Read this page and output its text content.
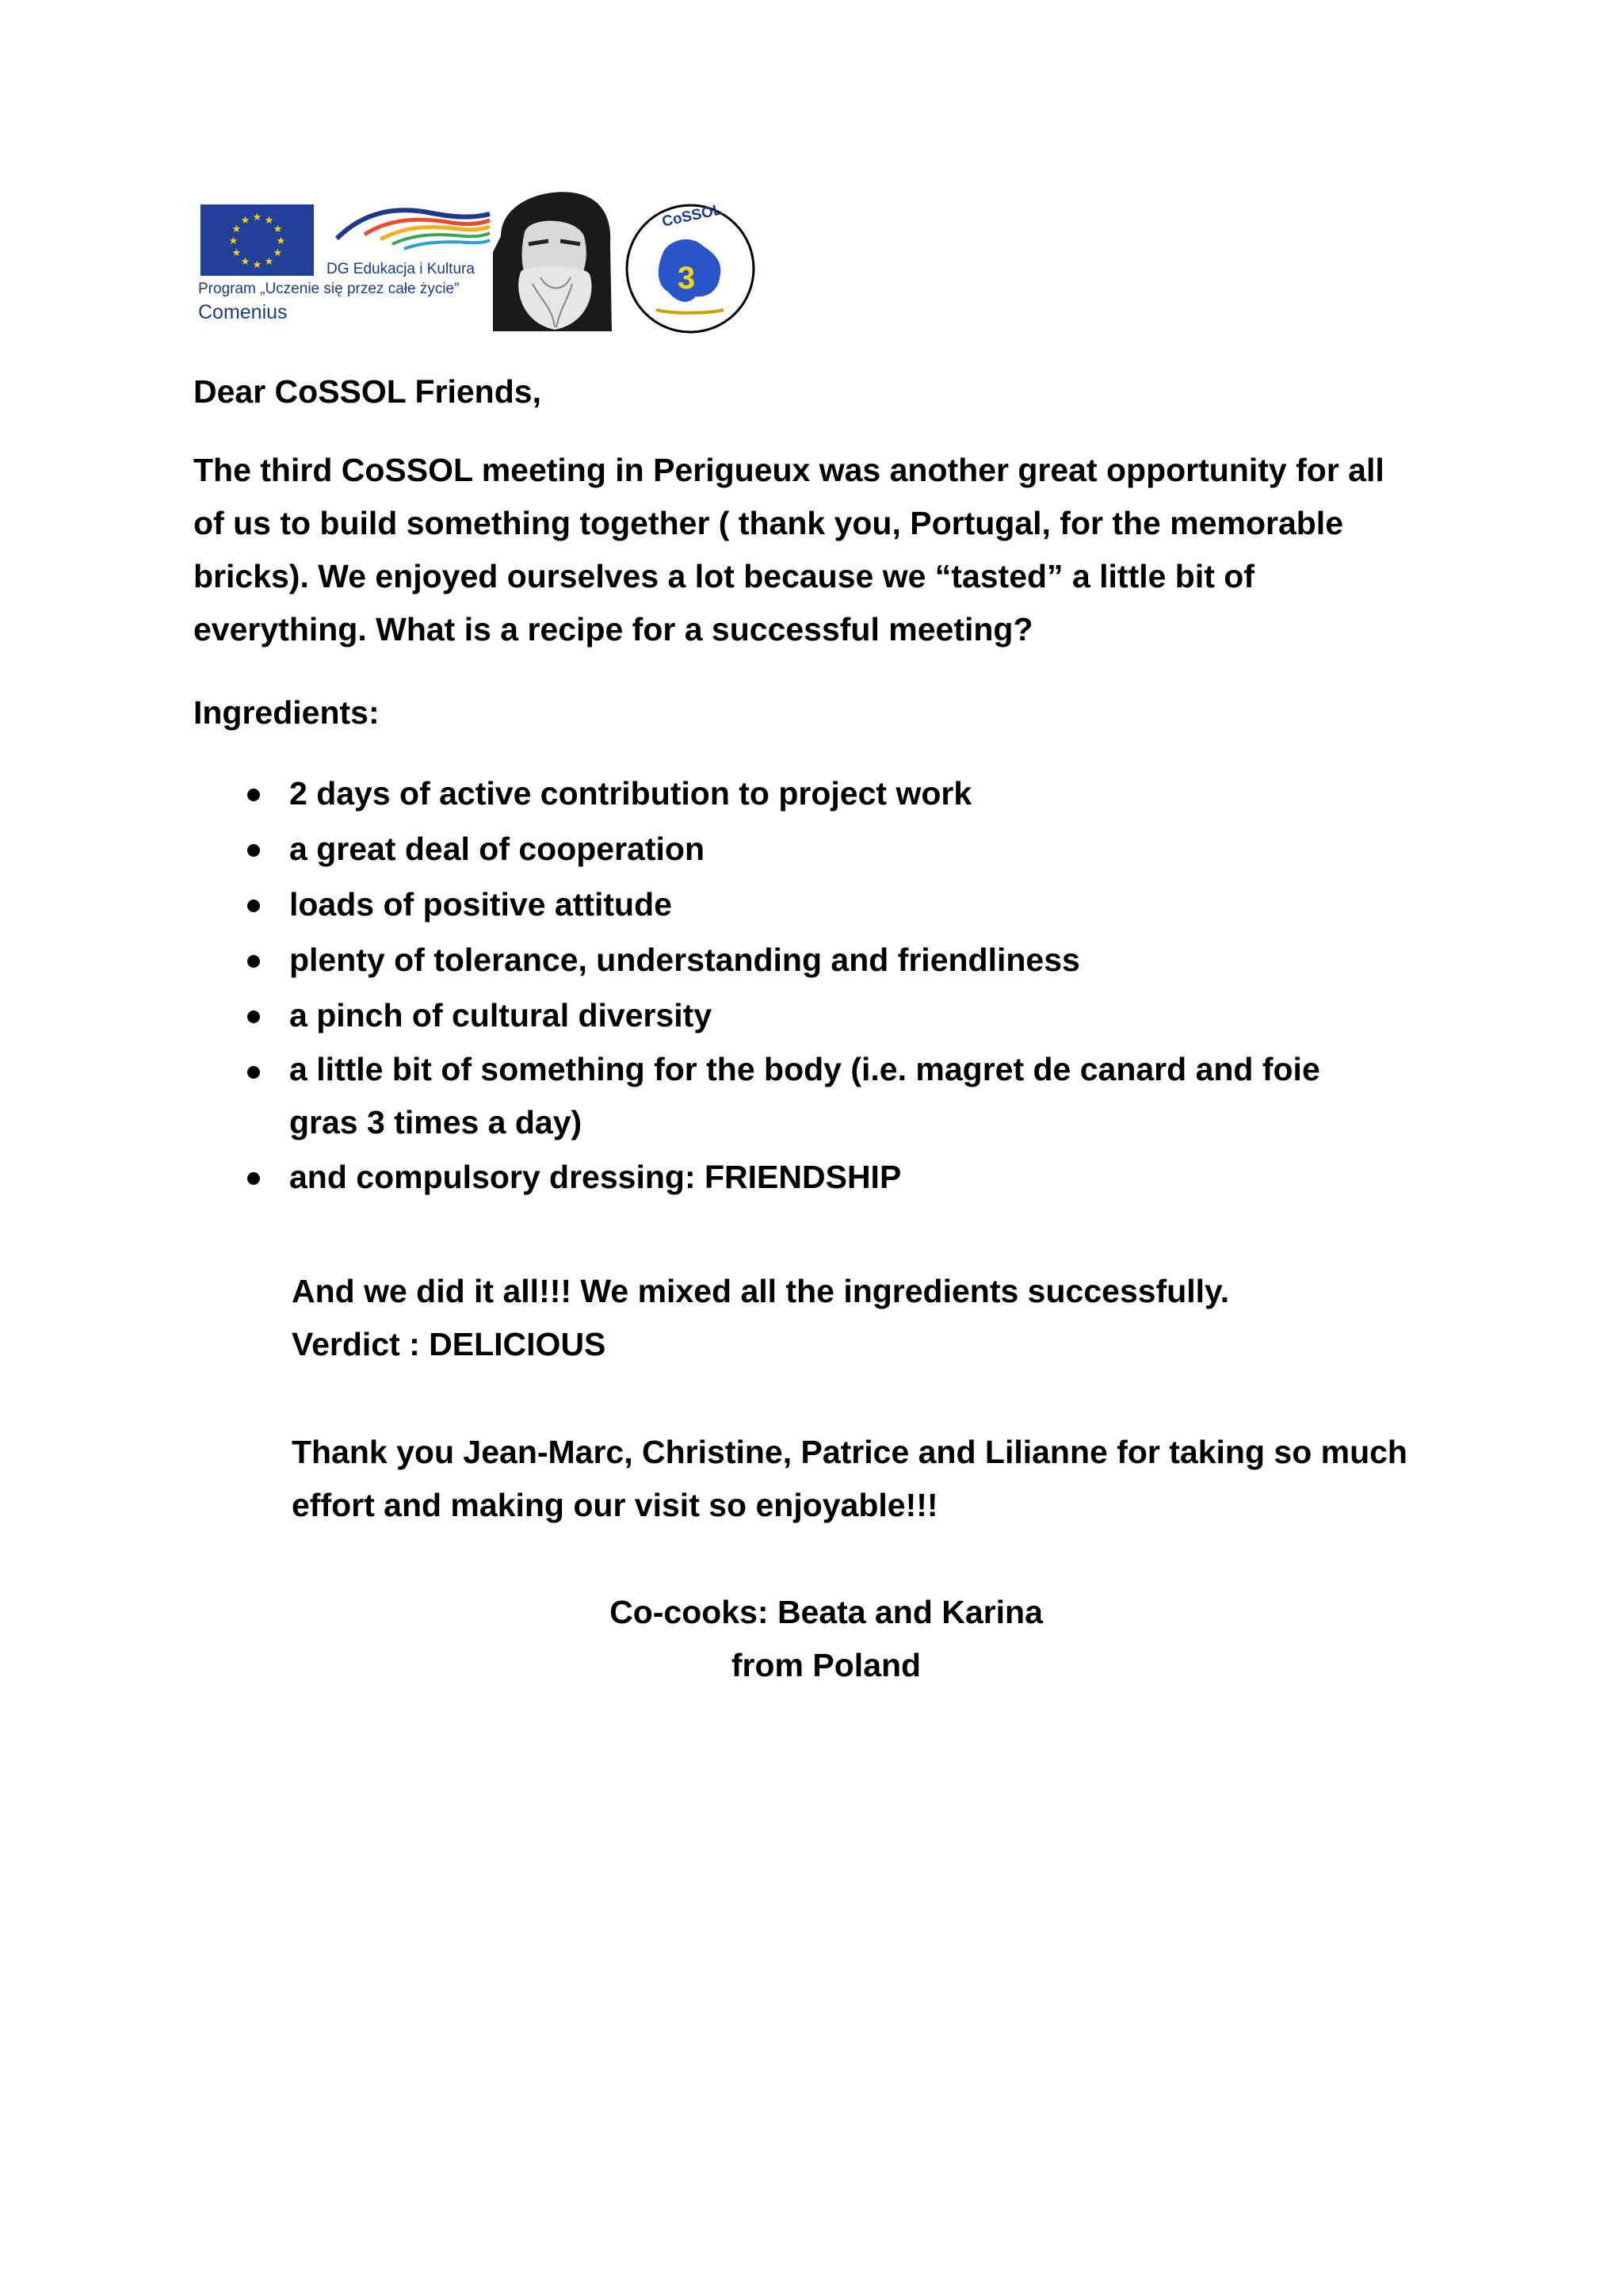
★ ★
★
★
★
★
★
★
★
★
★
★
DG Edukacja i Kultura
Program „Uczenie się przez całe życie”
Comenius
3
CoSSOL
Dear CoSSOL Friends,
The third CoSSOL meeting in Perigueux was another great opportunity for all
of us to build something together ( thank you, Portugal, for the memorable
bricks). We enjoyed ourselves a lot because we “tasted” a little bit of
everything. What is a recipe for a successful meeting?
Ingredients:
2 days of active contribution to project work
a great deal of cooperation
loads of positive attitude
plenty of tolerance, understanding and friendliness
a pinch of cultural diversity
a little bit of something for the body (i.e. magret de canard and foie
gras 3 times a day)
and compulsory dressing: FRIENDSHIP
And we did it all!!! We mixed all the ingredients successfully.
Verdict : DELICIOUS
Thank you Jean-Marc, Christine, Patrice and Lilianne for taking so much
effort and making our visit so enjoyable!!!
Co-cooks: Beata and Karina
from Poland
